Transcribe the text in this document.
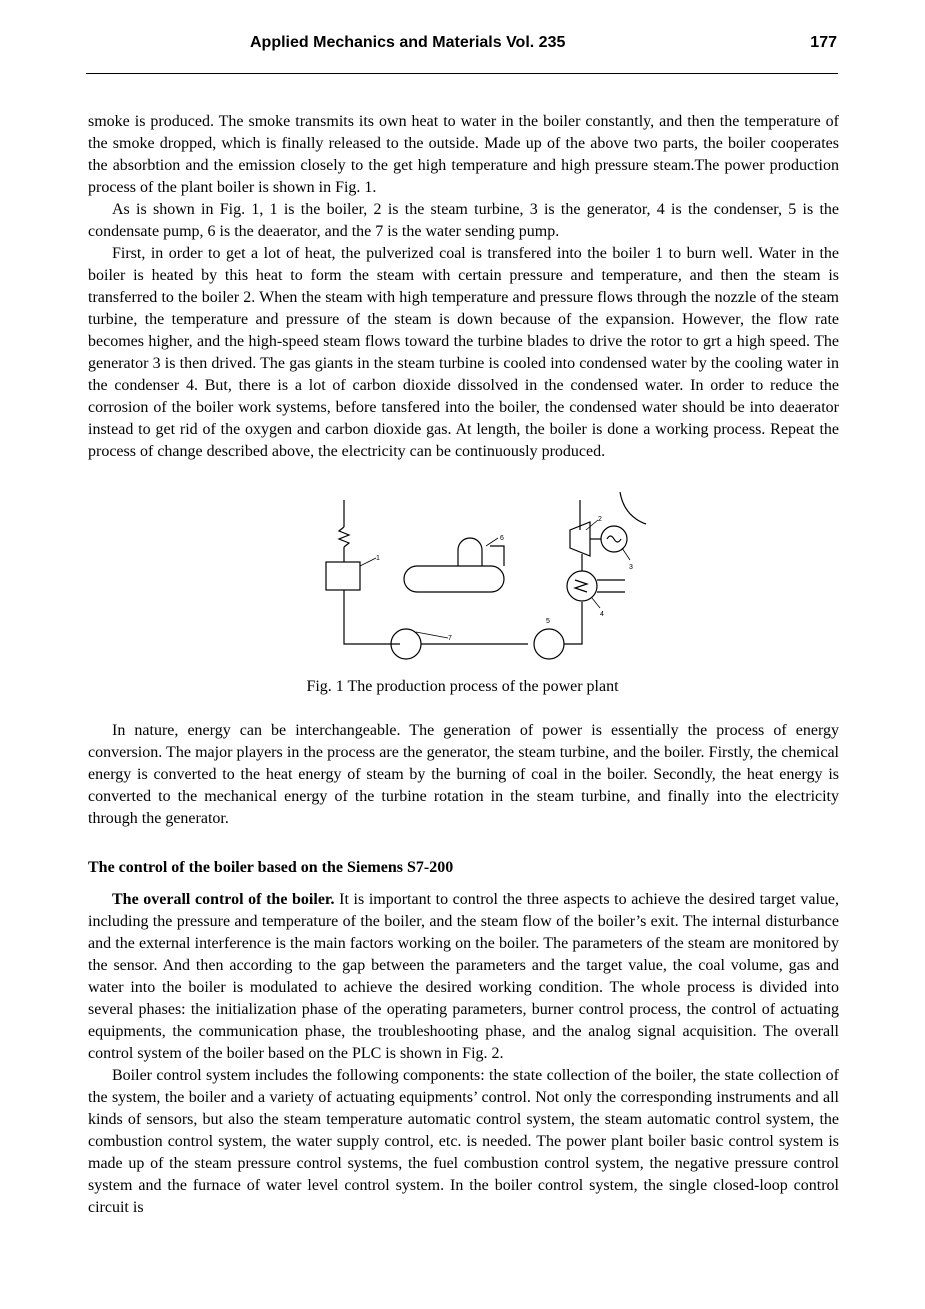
Applied Mechanics and Materials Vol. 235	177

smoke is produced. The smoke transmits its own heat to water in the boiler constantly, and then the temperature of the smoke dropped, which is finally released to the outside. Made up of the above two parts, the boiler cooperates the absorbtion and the emission closely to the get high temperature and high pressure steam.The power production process of the plant boiler is shown in Fig. 1.

As is shown in Fig. 1, 1 is the boiler, 2 is the steam turbine, 3 is the generator, 4 is the condenser, 5 is the condensate pump, 6 is the deaerator, and the 7 is the water sending pump.

First, in order to get a lot of heat, the pulverized coal is transfered into the boiler 1 to burn well. Water in the boiler is heated by this heat to form the steam with certain pressure and temperature, and then the steam is transferred to the boiler 2. When the steam with high temperature and pressure flows through the nozzle of the steam turbine, the temperature and pressure of the steam is down because of the expansion. However, the flow rate becomes higher, and the high-speed steam flows toward the turbine blades to drive the rotor to grt a high speed. The generator 3 is then drived. The gas giants in the steam turbine is cooled into condensed water by the cooling water in the condenser 4. But, there is a lot of carbon dioxide dissolved in the condensed water. In order to reduce the corrosion of the boiler work systems, before tansfered into the boiler, the condensed water should be into deaerator instead to get rid of the oxygen and carbon dioxide gas. At length, the boiler is done a working process. Repeat the process of change described above, the electricity can be continuously produced.

1
2
3
4
5
6
7
Fig. 1 The production process of the power plant

In nature, energy can be interchangeable. The generation of power is essentially the process of energy conversion. The major players in the process are the generator, the steam turbine, and the boiler. Firstly, the chemical energy is converted to the heat energy of steam by the burning of coal in the boiler. Secondly, the heat energy is converted to the mechanical energy of the turbine rotation in the steam turbine, and finally into the electricity through the generator.

The control of the boiler based on the Siemens S7-200

The overall control of the boiler. It is important to control the three aspects to achieve the desired target value, including the pressure and temperature of the boiler, and the steam flow of the boiler’s exit. The internal disturbance and the external interference is the main factors working on the boiler. The parameters of the steam are monitored by the sensor. And then according to the gap between the parameters and the target value, the coal volume, gas and water into the boiler is modulated to achieve the desired working condition. The whole process is divided into several phases: the initialization phase of the operating parameters, burner control process, the control of actuating equipments, the communication phase, the troubleshooting phase, and the analog signal acquisition. The overall control system of the boiler based on the PLC is shown in Fig. 2.

Boiler control system includes the following components: the state collection of the boiler, the state collection of the system, the boiler and a variety of actuating equipments’ control. Not only the corresponding instruments and all kinds of sensors, but also the steam temperature automatic control system, the steam automatic control system, the combustion control system, the water supply control, etc. is needed. The power plant boiler basic control system is made up of the steam pressure control systems, the fuel combustion control system, the negative pressure control system and the furnace of water level control system. In the boiler control system, the single closed-loop control circuit is
